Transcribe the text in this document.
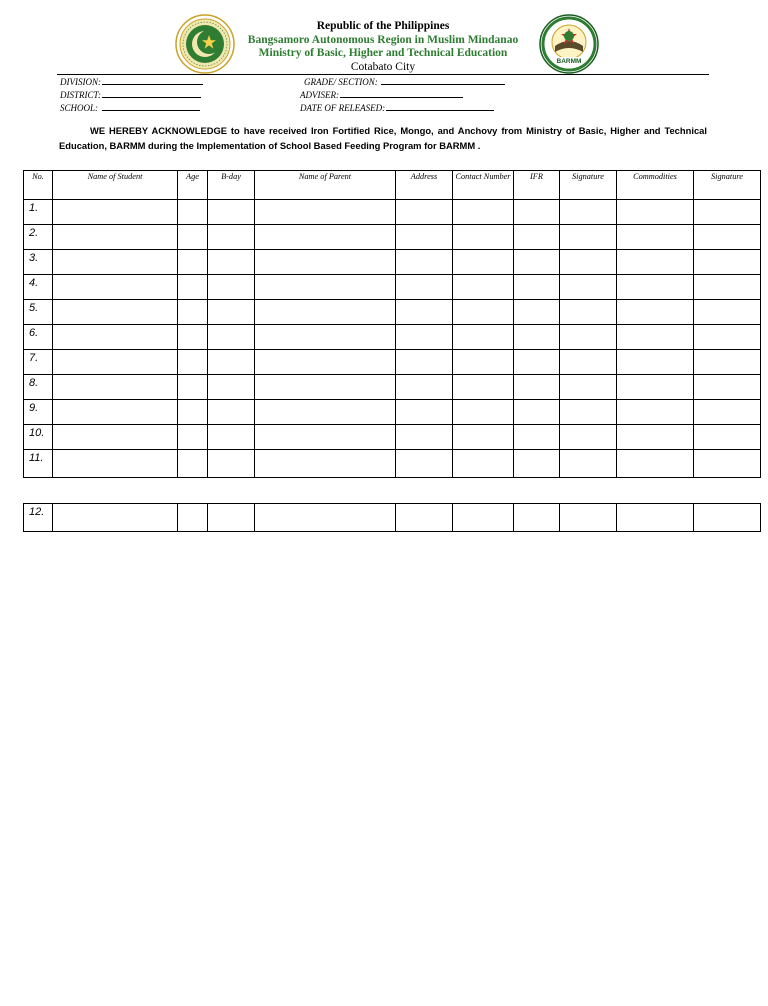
Republic of the Philippines
Bangsamoro Autonomous Region in Muslim Mindanao
Ministry of Basic, Higher and Technical Education
Cotabato City	BARMM
DIVISION:
DISTRICT:
SCHOOL:
GRADE/ SECTION:
ADVISER:
DATE OF RELEASED:
WE HEREBY ACKNOWLEDGE to have received Iron Fortified Rice, Mongo, and Anchovy from Ministry of Basic, Higher and Technical Education, BARMM during the Implementation of School Based Feeding Program for BARMM .
No.	Name of Student	Age	B-day	Name of Parent	Address	Contact Number	IFR	Signature	Commodities	Signature
1.										
2.										
3.										
4.										
5.										
6.										
7.										
8.										
9.										
10.										
11.										
12.										
